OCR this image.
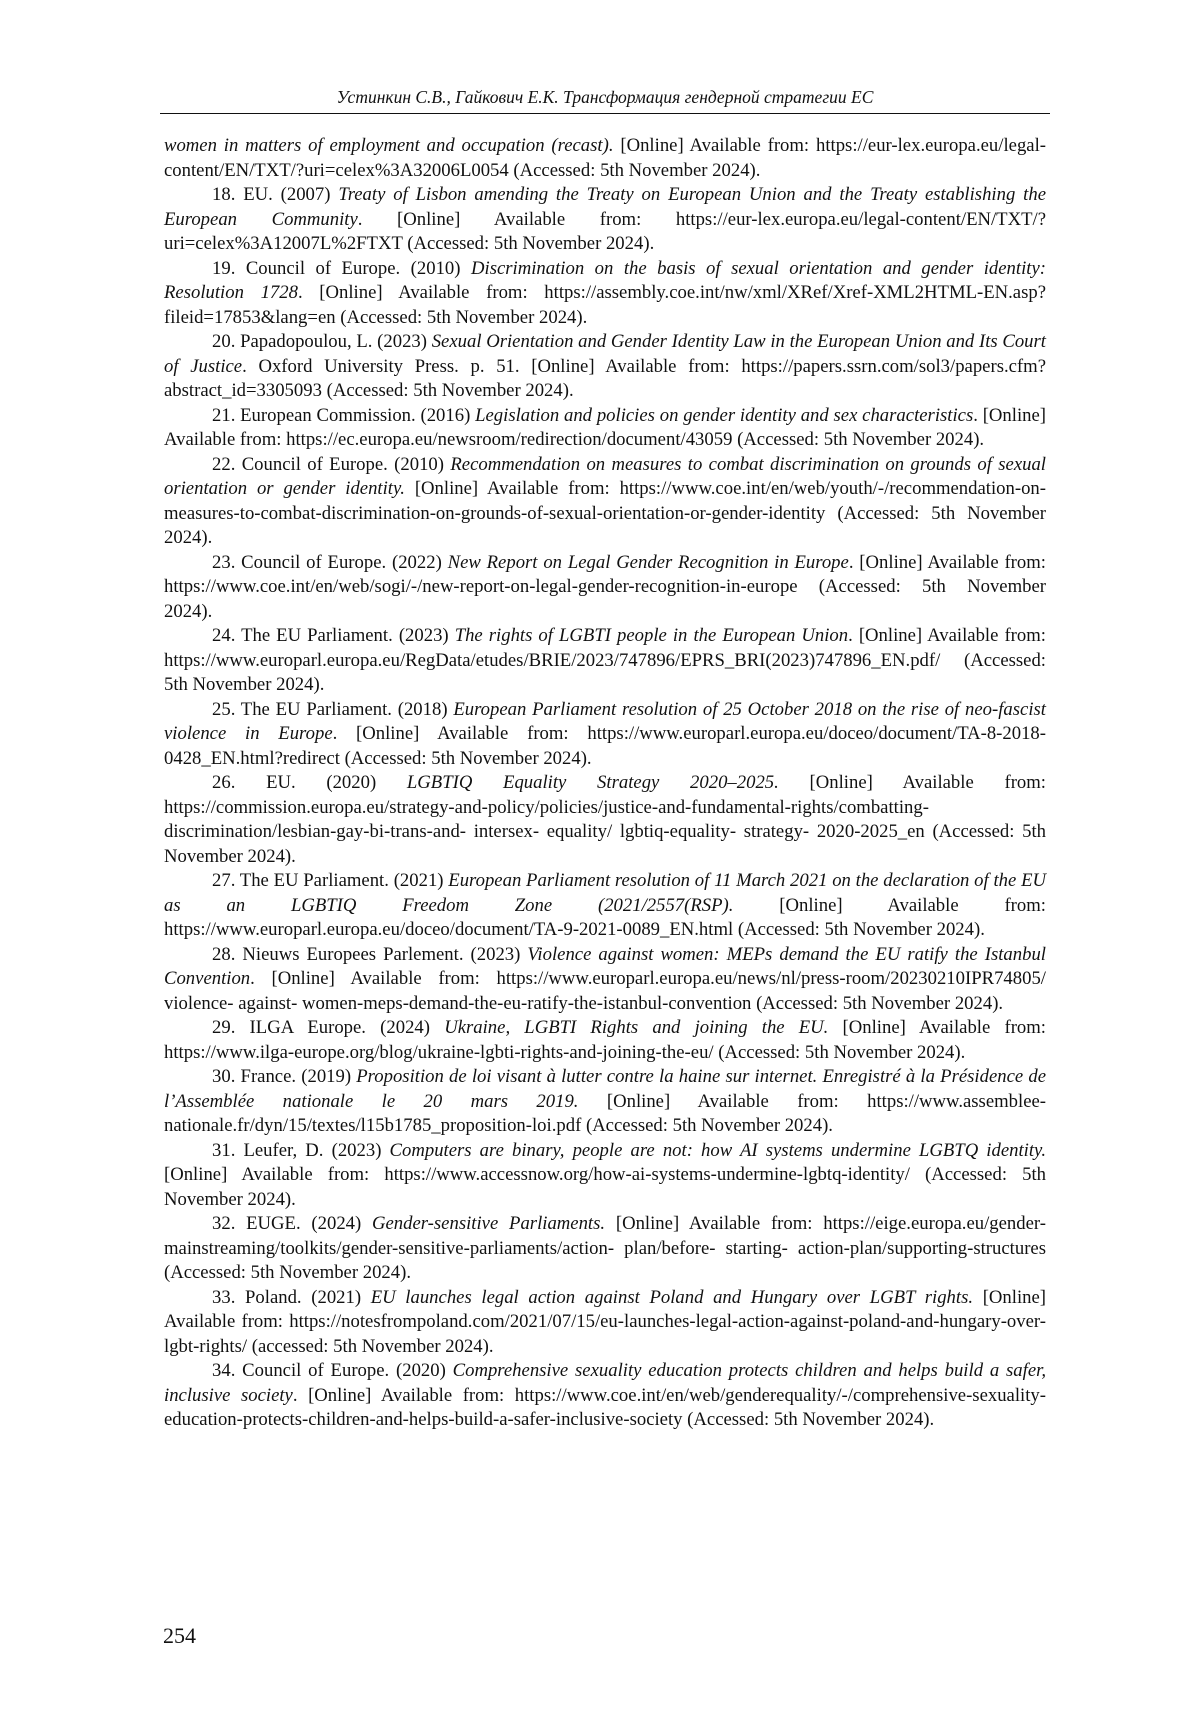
Устинкин С.В., Гайкович Е.К. Трансформация гендерной стратегии ЕС

women in matters of employment and occupation (recast). [Online] Available from: https://eur-lex.europa.eu/legal-content/EN/TXT/?uri=celex%3A32006L0054 (Accessed: 5th November 2024).

18. EU. (2007) Treaty of Lisbon amending the Treaty on European Union and the Treaty establishing the European Community. [Online] Available from: https://eur-lex.europa.eu/legal-content/EN/TXT/?uri=celex%3A12007L%2FTXT (Accessed: 5th November 2024).

19. Council of Europe. (2010) Discrimination on the basis of sexual orientation and gender identity: Resolution 1728. [Online] Available from: https://assembly.coe.int/nw/xml/XRef/Xref-XML2HTML-EN.asp?fileid=17853&lang=en (Accessed: 5th November 2024).

20. Papadopoulou, L. (2023) Sexual Orientation and Gender Identity Law in the European Union and Its Court of Justice. Oxford University Press. p. 51. [Online] Available from: https://papers.ssrn.com/sol3/papers.cfm?abstract_id=3305093 (Accessed: 5th November 2024).

21. European Commission. (2016) Legislation and policies on gender identity and sex characteristics. [Online] Available from: https://ec.europa.eu/newsroom/redirection/document/43059 (Accessed: 5th November 2024).

22. Council of Europe. (2010) Recommendation on measures to combat discrimination on grounds of sexual orientation or gender identity. [Online] Available from: https://www.coe.int/en/web/youth/-/recommendation-on-measures-to-combat-discrimination-on-grounds-of-sexual-orientation-or-gender-identity (Accessed: 5th November 2024).

23. Council of Europe. (2022) New Report on Legal Gender Recognition in Europe. [Online] Available from: https://www.coe.int/en/web/sogi/-/new-report-on-legal-gender-recognition-in-europe (Accessed: 5th November 2024).

24. The EU Parliament. (2023) The rights of LGBTI people in the European Union. [Online] Available from: https://www.europarl.europa.eu/RegData/etudes/BRIE/2023/747896/EPRS_BRI(2023)747896_EN.pdf/ (Accessed: 5th November 2024).

25. The EU Parliament. (2018) European Parliament resolution of 25 October 2018 on the rise of neo-fascist violence in Europe. [Online] Available from: https://www.europarl.europa.eu/doceo/document/TA-8-2018-0428_EN.html?redirect (Accessed: 5th November 2024).

26. EU. (2020) LGBTIQ Equality Strategy 2020–2025. [Online] Available from: https://commission.europa.eu/strategy-and-policy/policies/justice-and-fundamental-rights/combatting-discrimination/lesbian-gay-bi-trans-and- intersex- equality/ lgbtiq-equality- strategy- 2020-2025_en (Accessed: 5th November 2024).

27. The EU Parliament. (2021) European Parliament resolution of 11 March 2021 on the declaration of the EU as an LGBTIQ Freedom Zone (2021/2557(RSP). [Online] Available from: https://www.europarl.europa.eu/doceo/document/TA-9-2021-0089_EN.html (Accessed: 5th November 2024).

28. Nieuws Europees Parlement. (2023) Violence against women: MEPs demand the EU ratify the Istanbul Convention. [Online] Available from: https://www.europarl.europa.eu/news/nl/press-room/20230210IPR74805/ violence- against- women-meps-demand-the-eu-ratify-the-istanbul-convention (Accessed: 5th November 2024).

29. ILGA Europe. (2024) Ukraine, LGBTI Rights and joining the EU. [Online] Available from: https://www.ilga-europe.org/blog/ukraine-lgbti-rights-and-joining-the-eu/ (Accessed: 5th November 2024).

30. France. (2019) Proposition de loi visant à lutter contre la haine sur internet. Enregistré à la Présidence de l’Assemblée nationale le 20 mars 2019. [Online] Available from: https://www.assemblee-nationale.fr/dyn/15/textes/l15b1785_proposition-loi.pdf (Accessed: 5th November 2024).

31. Leufer, D. (2023) Computers are binary, people are not: how AI systems undermine LGBTQ identity. [Online] Available from: https://www.accessnow.org/how-ai-systems-undermine-lgbtq-identity/ (Accessed: 5th November 2024).

32. EUGE. (2024) Gender-sensitive Parliaments. [Online] Available from: https://eige.europa.eu/gender-mainstreaming/toolkits/gender-sensitive-parliaments/action- plan/before- starting- action-plan/supporting-structures (Accessed: 5th November 2024).

33. Poland. (2021) EU launches legal action against Poland and Hungary over LGBT rights. [Online] Available from: https://notesfrompoland.com/2021/07/15/eu-launches-legal-action-against-poland-and-hungary-over-lgbt-rights/ (accessed: 5th November 2024).

34. Council of Europe. (2020) Comprehensive sexuality education protects children and helps build a safer, inclusive society. [Online] Available from: https://www.coe.int/en/web/genderequality/-/comprehensive-sexuality-education-protects-children-and-helps-build-a-safer-inclusive-society (Accessed: 5th November 2024).

254
